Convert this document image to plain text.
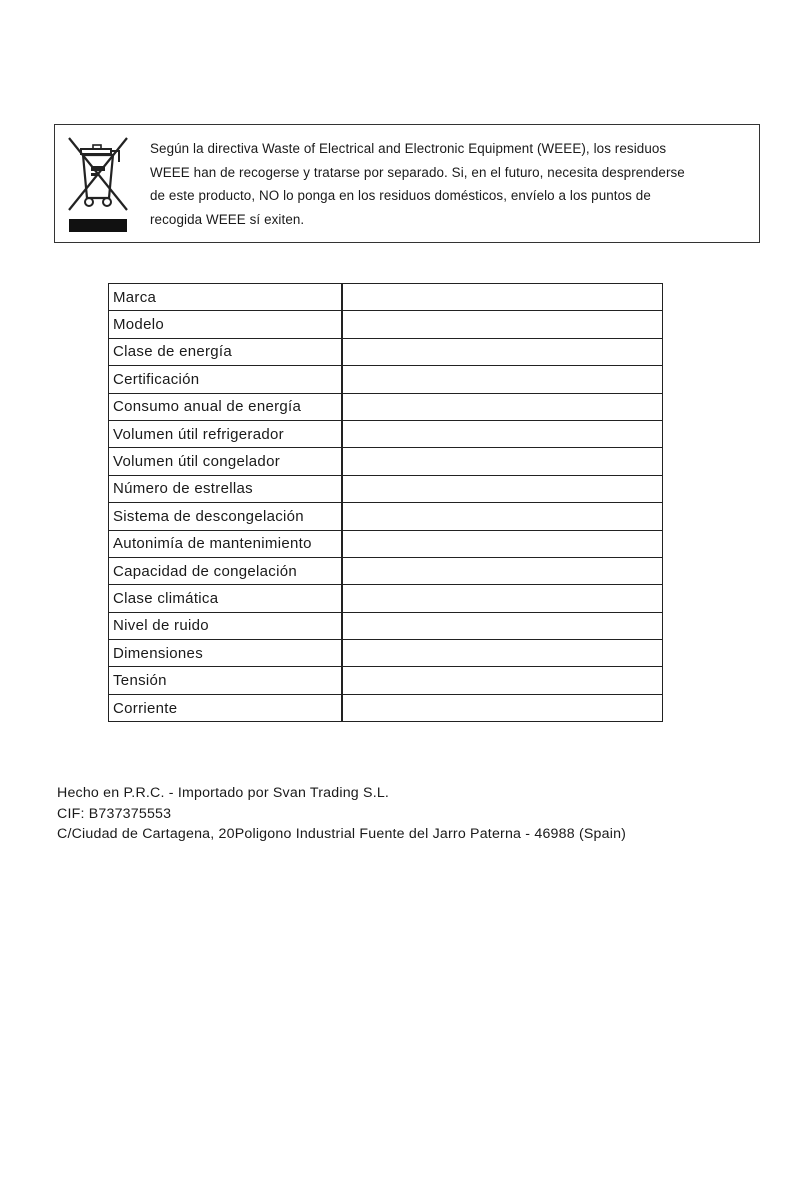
Según la directiva Waste of Electrical and Electronic Equipment (WEEE), los residuos
WEEE han de recogerse y tratarse por separado. Si, en el futuro, necesita desprenderse
de este producto, NO lo ponga en los residuos domésticos, envíelo a los puntos de
recogida WEEE sí exiten.
Marca	
Modelo	
Clase de energía	
Certificación	
Consumo anual de energía	
Volumen útil refrigerador	
Volumen útil congelador	
Número de estrellas	
Sistema de descongelación	
Autonimía de mantenimiento	
Capacidad de congelación	
Clase climática	
Nivel de ruido	
Dimensiones	
Tensión	
Corriente	
Hecho en P.R.C. - Importado por Svan Trading S.L.
CIF: B737375553
C/Ciudad de Cartagena, 20Poligono Industrial Fuente del Jarro Paterna - 46988 (Spain)
